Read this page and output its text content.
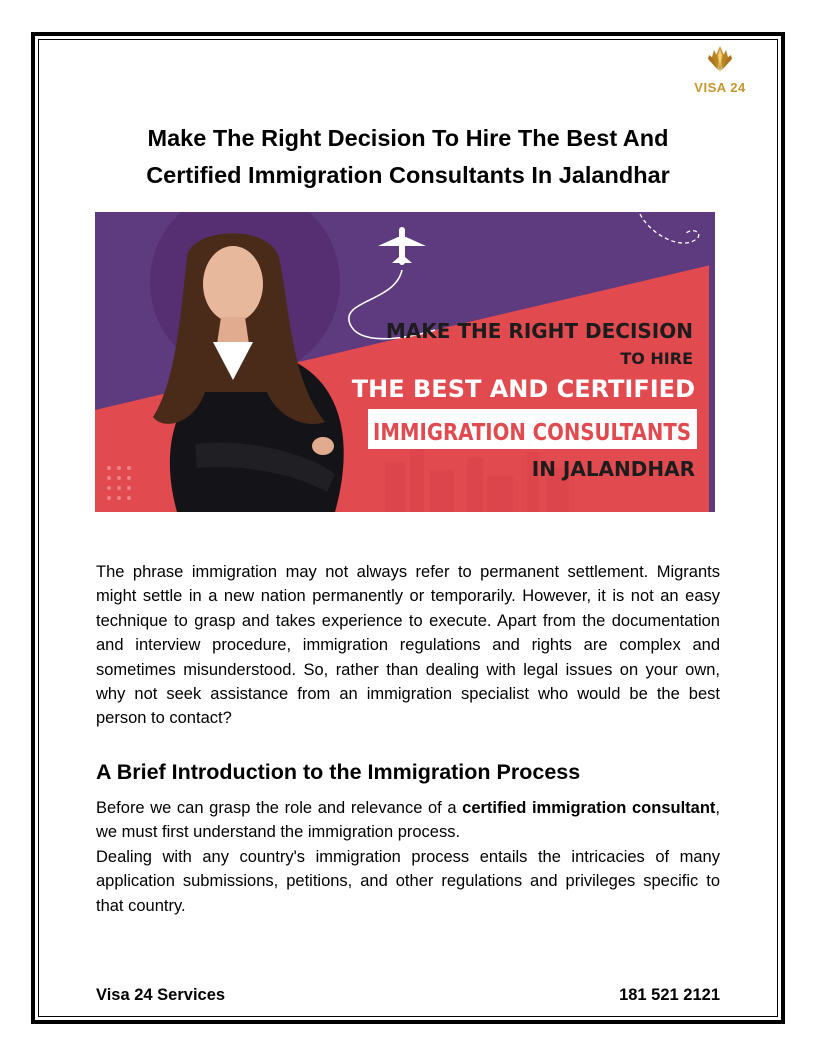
VISA 24
Make The Right Decision To Hire The Best And
Certified Immigration Consultants In Jalandhar
MAKE THE RIGHT DECISION
TO HIRE
THE BEST AND CERTIFIED
IMMIGRATION CONSULTANTS
IN JALANDHAR

The phrase immigration may not always refer to permanent settlement. Migrants might settle in a new nation permanently or temporarily. However, it is not an easy technique to grasp and takes experience to execute. Apart from the documentation and interview procedure, immigration regulations and rights are complex and sometimes misunderstood. So, rather than dealing with legal issues on your own, why not seek assistance from an immigration specialist who would be the best person to contact?

A Brief Introduction to the Immigration Process

Before we can grasp the role and relevance of a certified immigration consultant, we must first understand the immigration process.

Dealing with any country's immigration process entails the intricacies of many application submissions, petitions, and other regulations and privileges specific to that country.

Visa 24 Services	181 521 2121
